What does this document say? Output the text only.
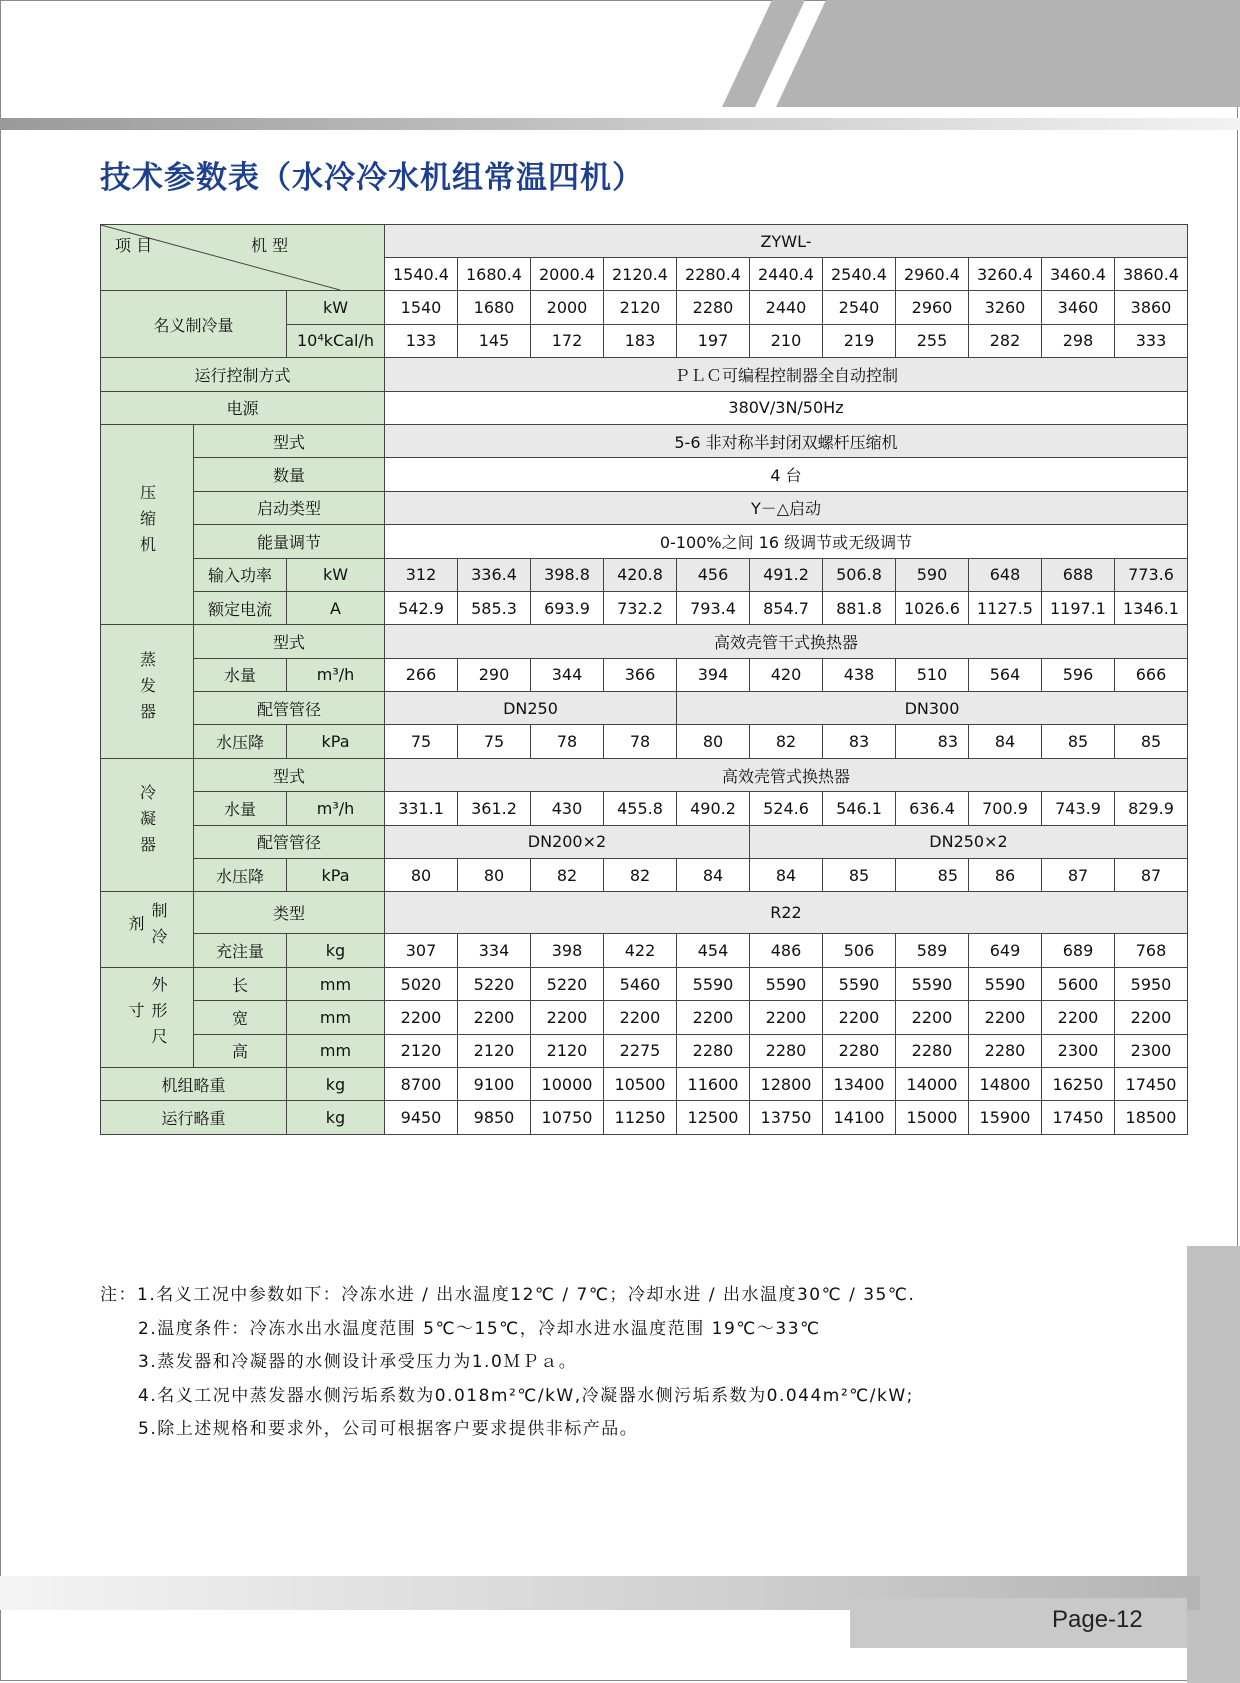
技术参数表（水冷冷水机组常温四机）
项 目 机 型			ZYWL-										
			1540.4	1680.4	2000.4	2120.4	2280.4	2440.4	2540.4	2960.4	3260.4	3460.4	3860.4
名义制冷量		kW	1540	1680	2000	2120	2280	2440	2540	2960	3260	3460	3860
		10⁴kCal/h	133	145	172	183	197	210	219	255	282	298	333
运行控制方式			ＰＬＣ可编程控制器全自动控制										
电源			380V/3N/50Hz										
压缩机	型式		5-6 非对称半封闭双螺杆压缩机										
	数量		4 台										
	启动类型		Y－△启动										
	能量调节		0-100%之间 16 级调节或无级调节										
	输入功率	kW	312	336.4	398.8	420.8	456	491.2	506.8	590	648	688	773.6
	额定电流	A	542.9	585.3	693.9	732.2	793.4	854.7	881.8	1026.6	1127.5	1197.1	1346.1
蒸发器	型式		高效壳管干式换热器										
	水量	m³/h	266	290	344	366	394	420	438	510	564	596	666
	配管管径		DN250				DN300						
	水压降	kPa	75	75	78	78	80	82	83	83	84	85	85
冷凝器	型式		高效壳管式换热器										
	水量	m³/h	331.1	361.2	430	455.8	490.2	524.6	546.1	636.4	700.9	743.9	829.9
	配管管径		DN200×2					DN250×2					
	水压降	kPa	80	80	82	82	84	84	85	85	86	87	87
制冷剂	类型		R22										
	充注量	kg	307	334	398	422	454	486	506	589	649	689	768
外形尺寸	长	mm	5020	5220	5220	5460	5590	5590	5590	5590	5590	5600	5950
	宽	mm	2200	2200	2200	2200	2200	2200	2200	2200	2200	2200	2200
	高	mm	2120	2120	2120	2275	2280	2280	2280	2280	2280	2300	2300
机组略重		kg	8700	9100	10000	10500	11600	12800	13400	14000	14800	16250	17450
运行略重		kg	9450	9850	10750	11250	12500	13750	14100	15000	15900	17450	18500
注：1.名义工况中参数如下：冷冻水进 / 出水温度12℃ / 7℃；冷却水进 / 出水温度30℃ / 35℃.
2.温度条件：冷冻水出水温度范围 5℃～15℃，冷却水进水温度范围 19℃～33℃
3.蒸发器和冷凝器的水侧设计承受压力为1.0ＭＰａ。
4.名义工况中蒸发器水侧污垢系数为0.018m²℃/kW,冷凝器水侧污垢系数为0.044m²℃/kW;
5.除上述规格和要求外，公司可根据客户要求提供非标产品。
Page-12
